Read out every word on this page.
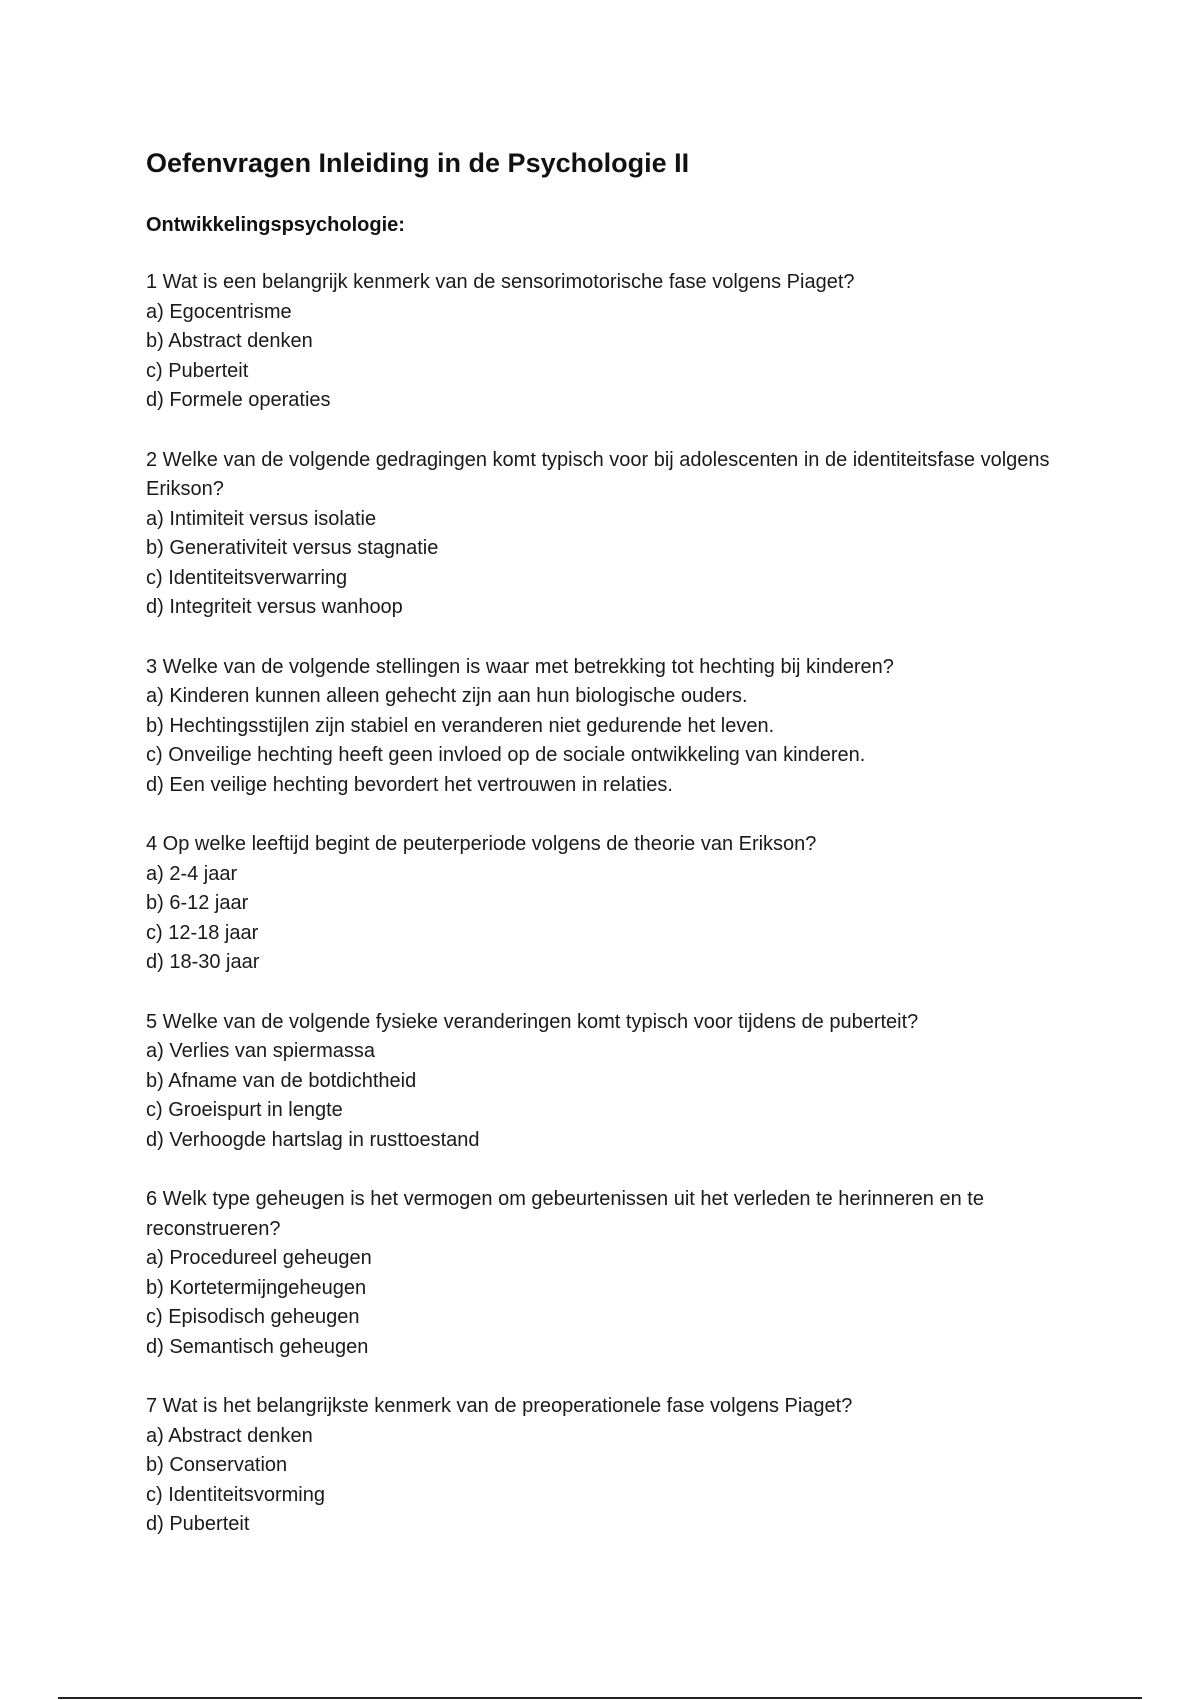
Oefenvragen Inleiding in de Psychologie II
Ontwikkelingspsychologie:

1 Wat is een belangrijk kenmerk van de sensorimotorische fase volgens Piaget?

a) Egocentrisme

b) Abstract denken

c) Puberteit

d) Formele operaties

2 Welke van de volgende gedragingen komt typisch voor bij adolescenten in de identiteitsfase volgens Erikson?

a) Intimiteit versus isolatie

b) Generativiteit versus stagnatie

c) Identiteitsverwarring

d) Integriteit versus wanhoop

3 Welke van de volgende stellingen is waar met betrekking tot hechting bij kinderen?

a) Kinderen kunnen alleen gehecht zijn aan hun biologische ouders.

b) Hechtingsstijlen zijn stabiel en veranderen niet gedurende het leven.

c) Onveilige hechting heeft geen invloed op de sociale ontwikkeling van kinderen.

d) Een veilige hechting bevordert het vertrouwen in relaties.

4 Op welke leeftijd begint de peuterperiode volgens de theorie van Erikson?

a) 2-4 jaar

b) 6-12 jaar

c) 12-18 jaar

d) 18-30 jaar

5 Welke van de volgende fysieke veranderingen komt typisch voor tijdens de puberteit?

a) Verlies van spiermassa

b) Afname van de botdichtheid

c) Groeispurt in lengte

d) Verhoogde hartslag in rusttoestand

6 Welk type geheugen is het vermogen om gebeurtenissen uit het verleden te herinneren en te reconstrueren?

a) Procedureel geheugen

b) Kortetermijngeheugen

c) Episodisch geheugen

d) Semantisch geheugen

7 Wat is het belangrijkste kenmerk van de preoperationele fase volgens Piaget?

a) Abstract denken

b) Conservation

c) Identiteitsvorming

d) Puberteit
